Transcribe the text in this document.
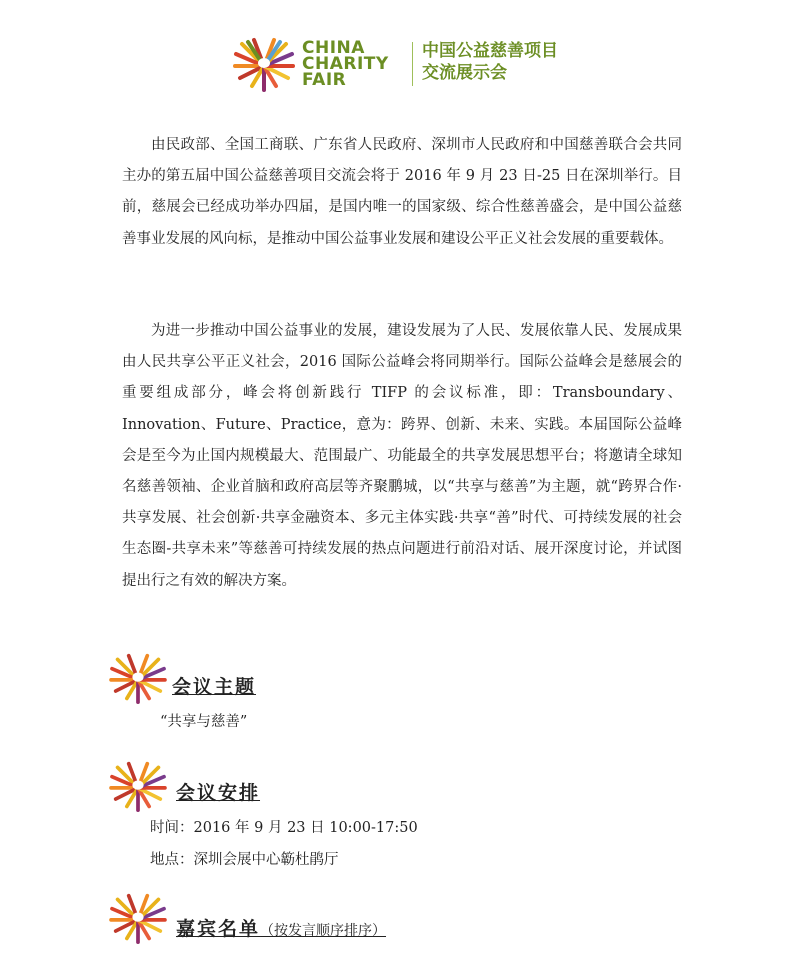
CHINA
CHARITY
FAIR
中国公益慈善项目
交流展示会

由民政部、全国工商联、广东省人民政府、深圳市人民政府和中国慈善联合会共同主办的第五届中国公益慈善项目交流会将于 2016 年 9 月 23 日-25 日在深圳举行。目前，慈展会已经成功举办四届，是国内唯一的国家级、综合性慈善盛会，是中国公益慈善事业发展的风向标，是推动中国公益事业发展和建设公平正义社会发展的重要载体。

为进一步推动中国公益事业的发展，建设发展为了人民、发展依靠人民、发展成果由人民共享公平正义社会，2016 国际公益峰会将同期举行。国际公益峰会是慈展会的重要组成部分，峰会将创新践行 TIFP 的会议标准，即：Transboundary、Innovation、Future、Practice，意为：跨界、创新、未来、实践。本届国际公益峰会是至今为止国内规模最大、范围最广、功能最全的共享发展思想平台；将邀请全球知名慈善领袖、企业首脑和政府高层等齐聚鹏城，以“共享与慈善”为主题，就“跨界合作·共享发展、社会创新·共享金融资本、多元主体实践·共享“善”时代、可持续发展的社会生态圈-共享未来”等慈善可持续发展的热点问题进行前沿对话、展开深度讨论，并试图提出行之有效的解决方案。

会议主题
“共享与慈善”
会议安排
时间：2016 年 9 月 23 日 10:00-17:50
地点：深圳会展中心簕杜鹃厅
嘉宾名单（按发言顺序排序）
